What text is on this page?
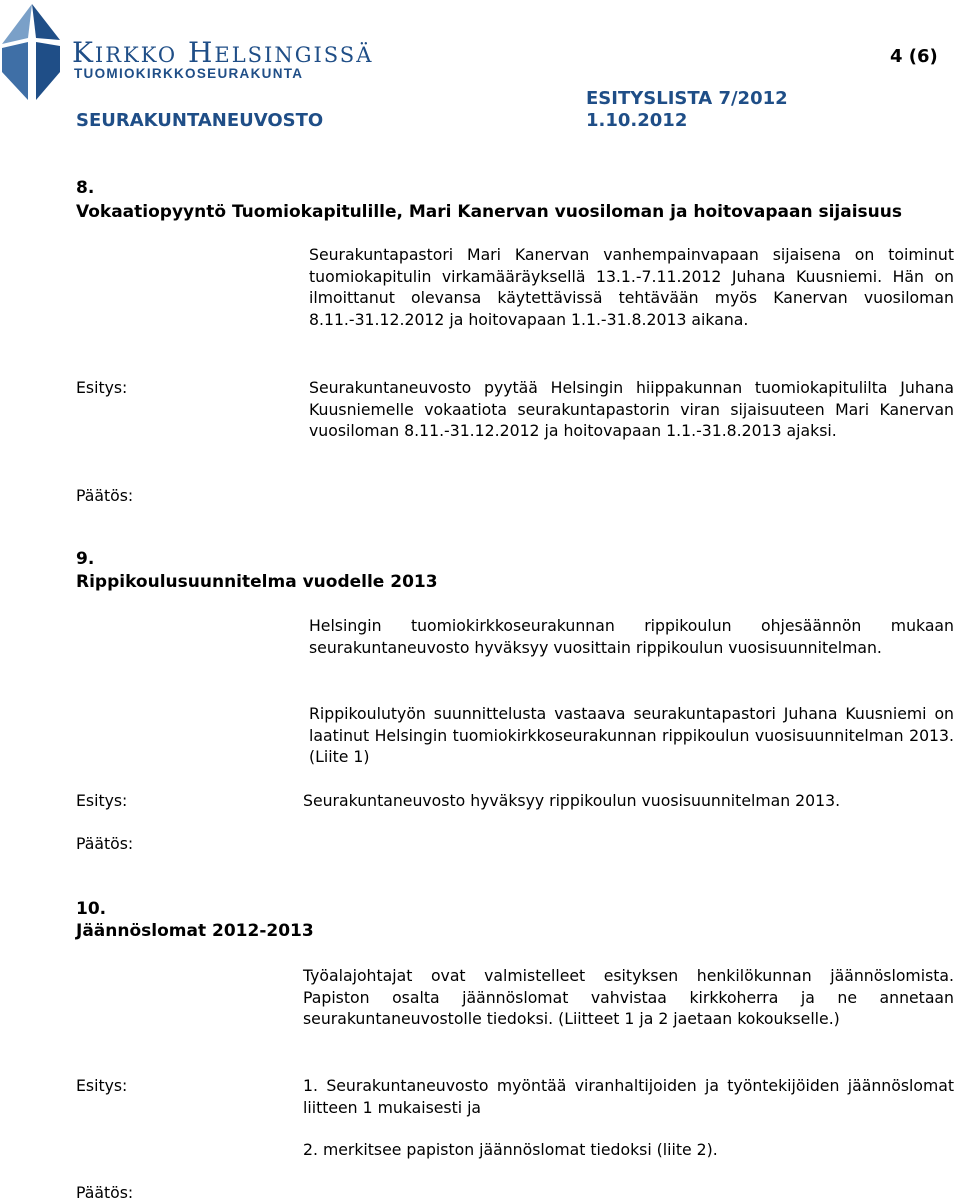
KIRKKO HELSINGISSÄ
TUOMIOKIRKKOSEURAKUNTA
4 (6)
ESITYSLISTA 7/2012
SEURAKUNTANEUVOSTO	1.10.2012
8.
Vokaatiopyyntö Tuomiokapitulille, Mari Kanervan vuosiloman ja hoitovapaan sijaisuus
Seurakuntapastori Mari Kanervan vanhempainvapaan sijaisena on toiminut tuomiokapitulin virkamääräyksellä 13.1.-7.11.2012 Juhana Kuusniemi. Hän on ilmoittanut olevansa käytettävissä tehtävään myös Kanervan vuosiloman 8.11.-31.12.2012 ja hoitovapaan 1.1.-31.8.2013 aikana.
Esitys:	Seurakuntaneuvosto pyytää Helsingin hiippakunnan tuomiokapitulilta Juhana Kuusniemelle vokaatiota seurakuntapastorin viran sijaisuuteen Mari Kanervan vuosiloman 8.11.-31.12.2012 ja hoitovapaan 1.1.-31.8.2013 ajaksi.
Päätös:
9.
Rippikoulusuunnitelma vuodelle 2013
Helsingin tuomiokirkkoseurakunnan rippikoulun ohjesäännön mukaan seurakuntaneuvosto hyväksyy vuosittain rippikoulun vuosisuunnitelman.
Rippikoulutyön suunnittelusta vastaava seurakuntapastori Juhana Kuusniemi on laatinut Helsingin tuomiokirkkoseurakunnan rippikoulun vuosisuunnitelman 2013. (Liite 1)
Esitys:	Seurakuntaneuvosto hyväksyy rippikoulun vuosisuunnitelman 2013.
Päätös:
10.
Jäännöslomat 2012-2013
Työalajohtajat ovat valmistelleet esityksen henkilökunnan jäännöslomista. Papiston osalta jäännöslomat vahvistaa kirkkoherra ja ne annetaan seurakuntaneuvostolle tiedoksi. (Liitteet 1 ja 2 jaetaan kokoukselle.)
Esitys:	1. Seurakuntaneuvosto myöntää viranhaltijoiden ja työntekijöiden jäännöslomat liitteen 1 mukaisesti ja
2. merkitsee papiston jäännöslomat tiedoksi (liite 2).
Päätös:
